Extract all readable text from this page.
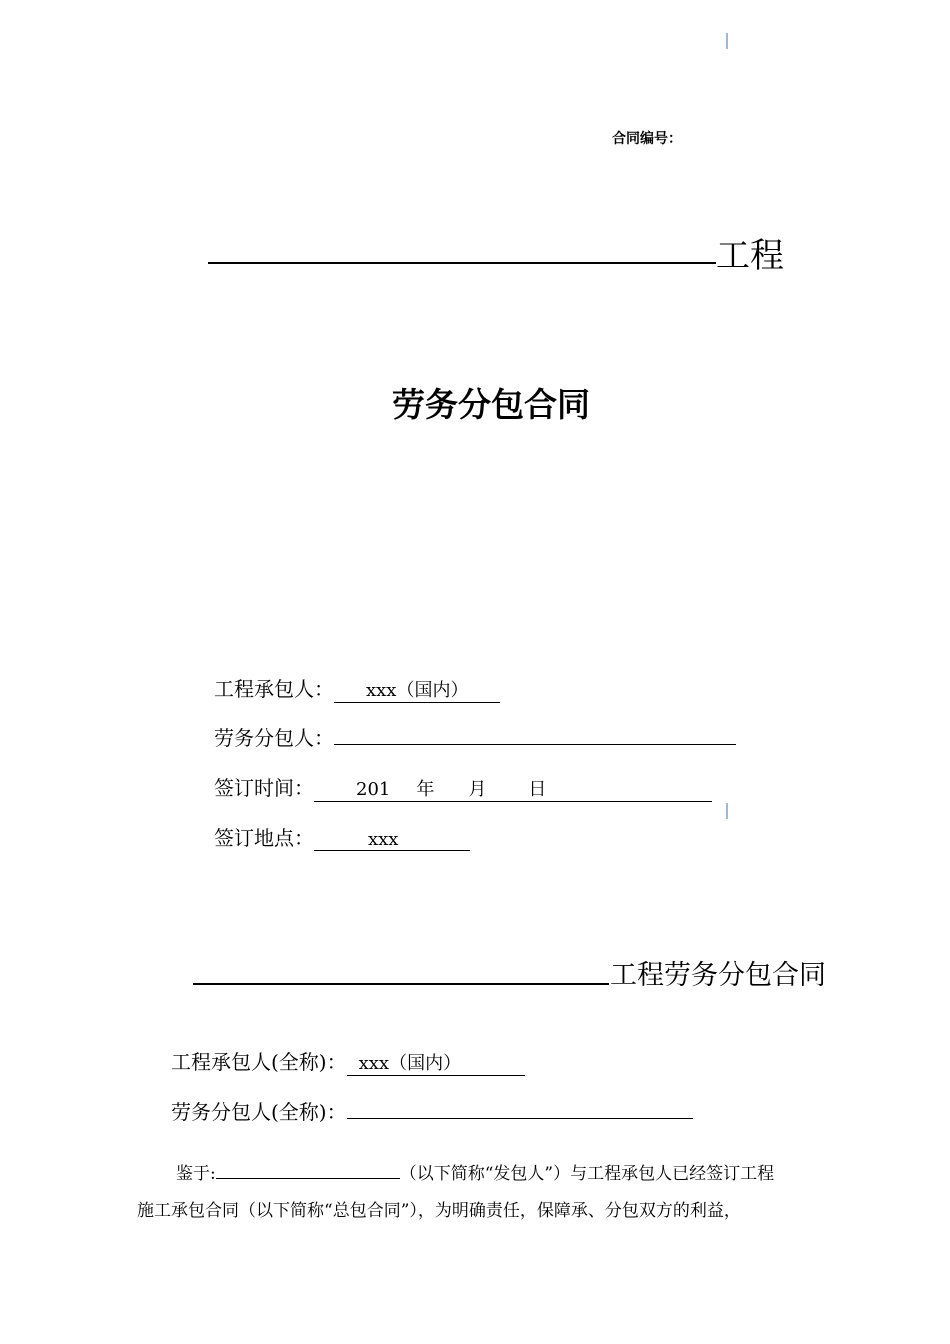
合同编号：
工程
劳务分包合同
工程承包人： xxx（国内）
劳务分包人：
签订时间： 201 年 月 日
签订地点：	xxx
工程劳务分包合同
工程承包人(全称)： xxx（国内）
劳务分包人(全称)：
鉴于:	（以下简称“发包人”）与工程承包人已经签订工程
施工承包合同（以下简称“总包合同”），为明确责任，保障承、分包双方的利益，
